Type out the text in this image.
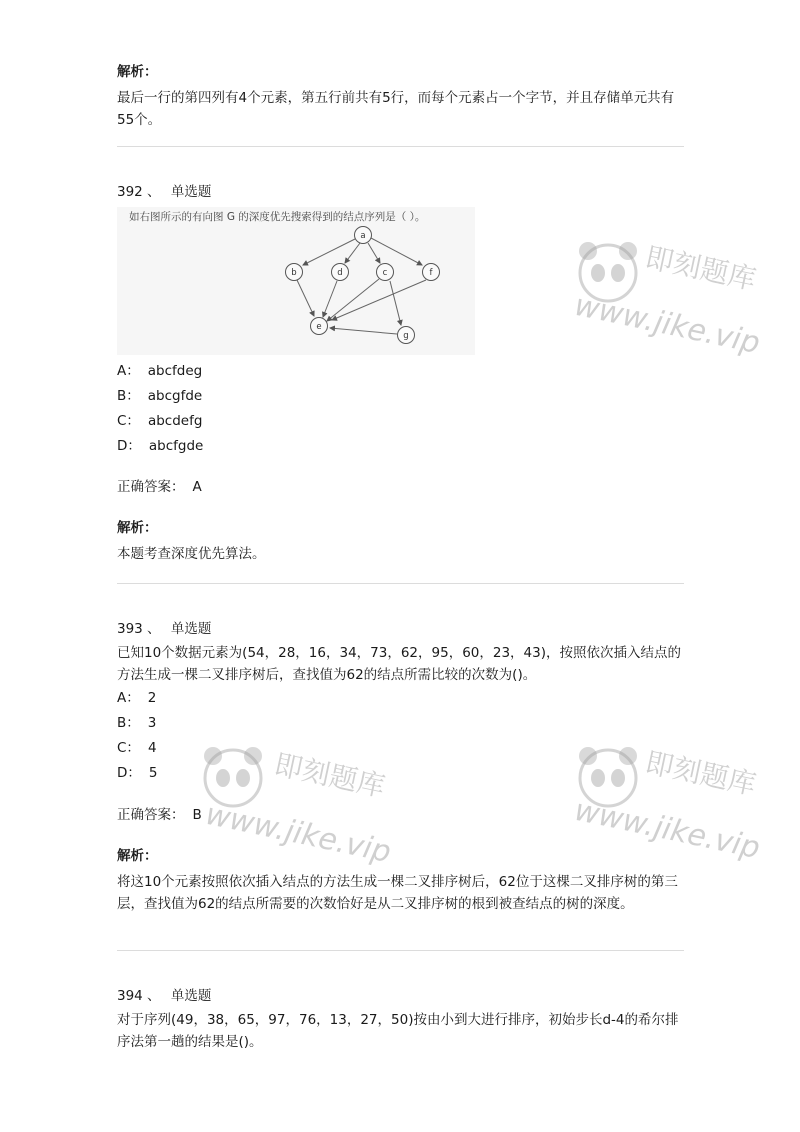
解析：
最后一行的第四列有4个元素，第五行前共有5行，而每个元素占一个字节，并且存储单元共有55个。
392 、 单选题
如右图所示的有向图 G 的深度优先搜索得到的结点序列是（ ）。
a
b	d	c	f
e
g
A： abcfdeg
B： abcgfde
C： abcdefg
D： abcfgde
正确答案： A
解析：
本题考查深度优先算法。
393 、 单选题
已知10个数据元素为(54，28，16，34，73，62，95，60，23，43)，按照依次插入结点的方法生成一棵二叉排序树后，查找值为62的结点所需比较的次数为()。
A： 2
B： 3
C： 4
D： 5
正确答案： B
解析：
将这10个元素按照依次插入结点的方法生成一棵二叉排序树后，62位于这棵二叉排序树的第三层，查找值为62的结点所需要的次数恰好是从二叉排序树的根到被查结点的树的深度。
394 、 单选题
对于序列(49，38，65，97，76，13，27，50)按由小到大进行排序，初始步长d-4的希尔排序法第一趟的结果是()。
即刻题库
www.jike.vip
即刻题库
www.jike.vip
即刻题库
www.jike.vip
